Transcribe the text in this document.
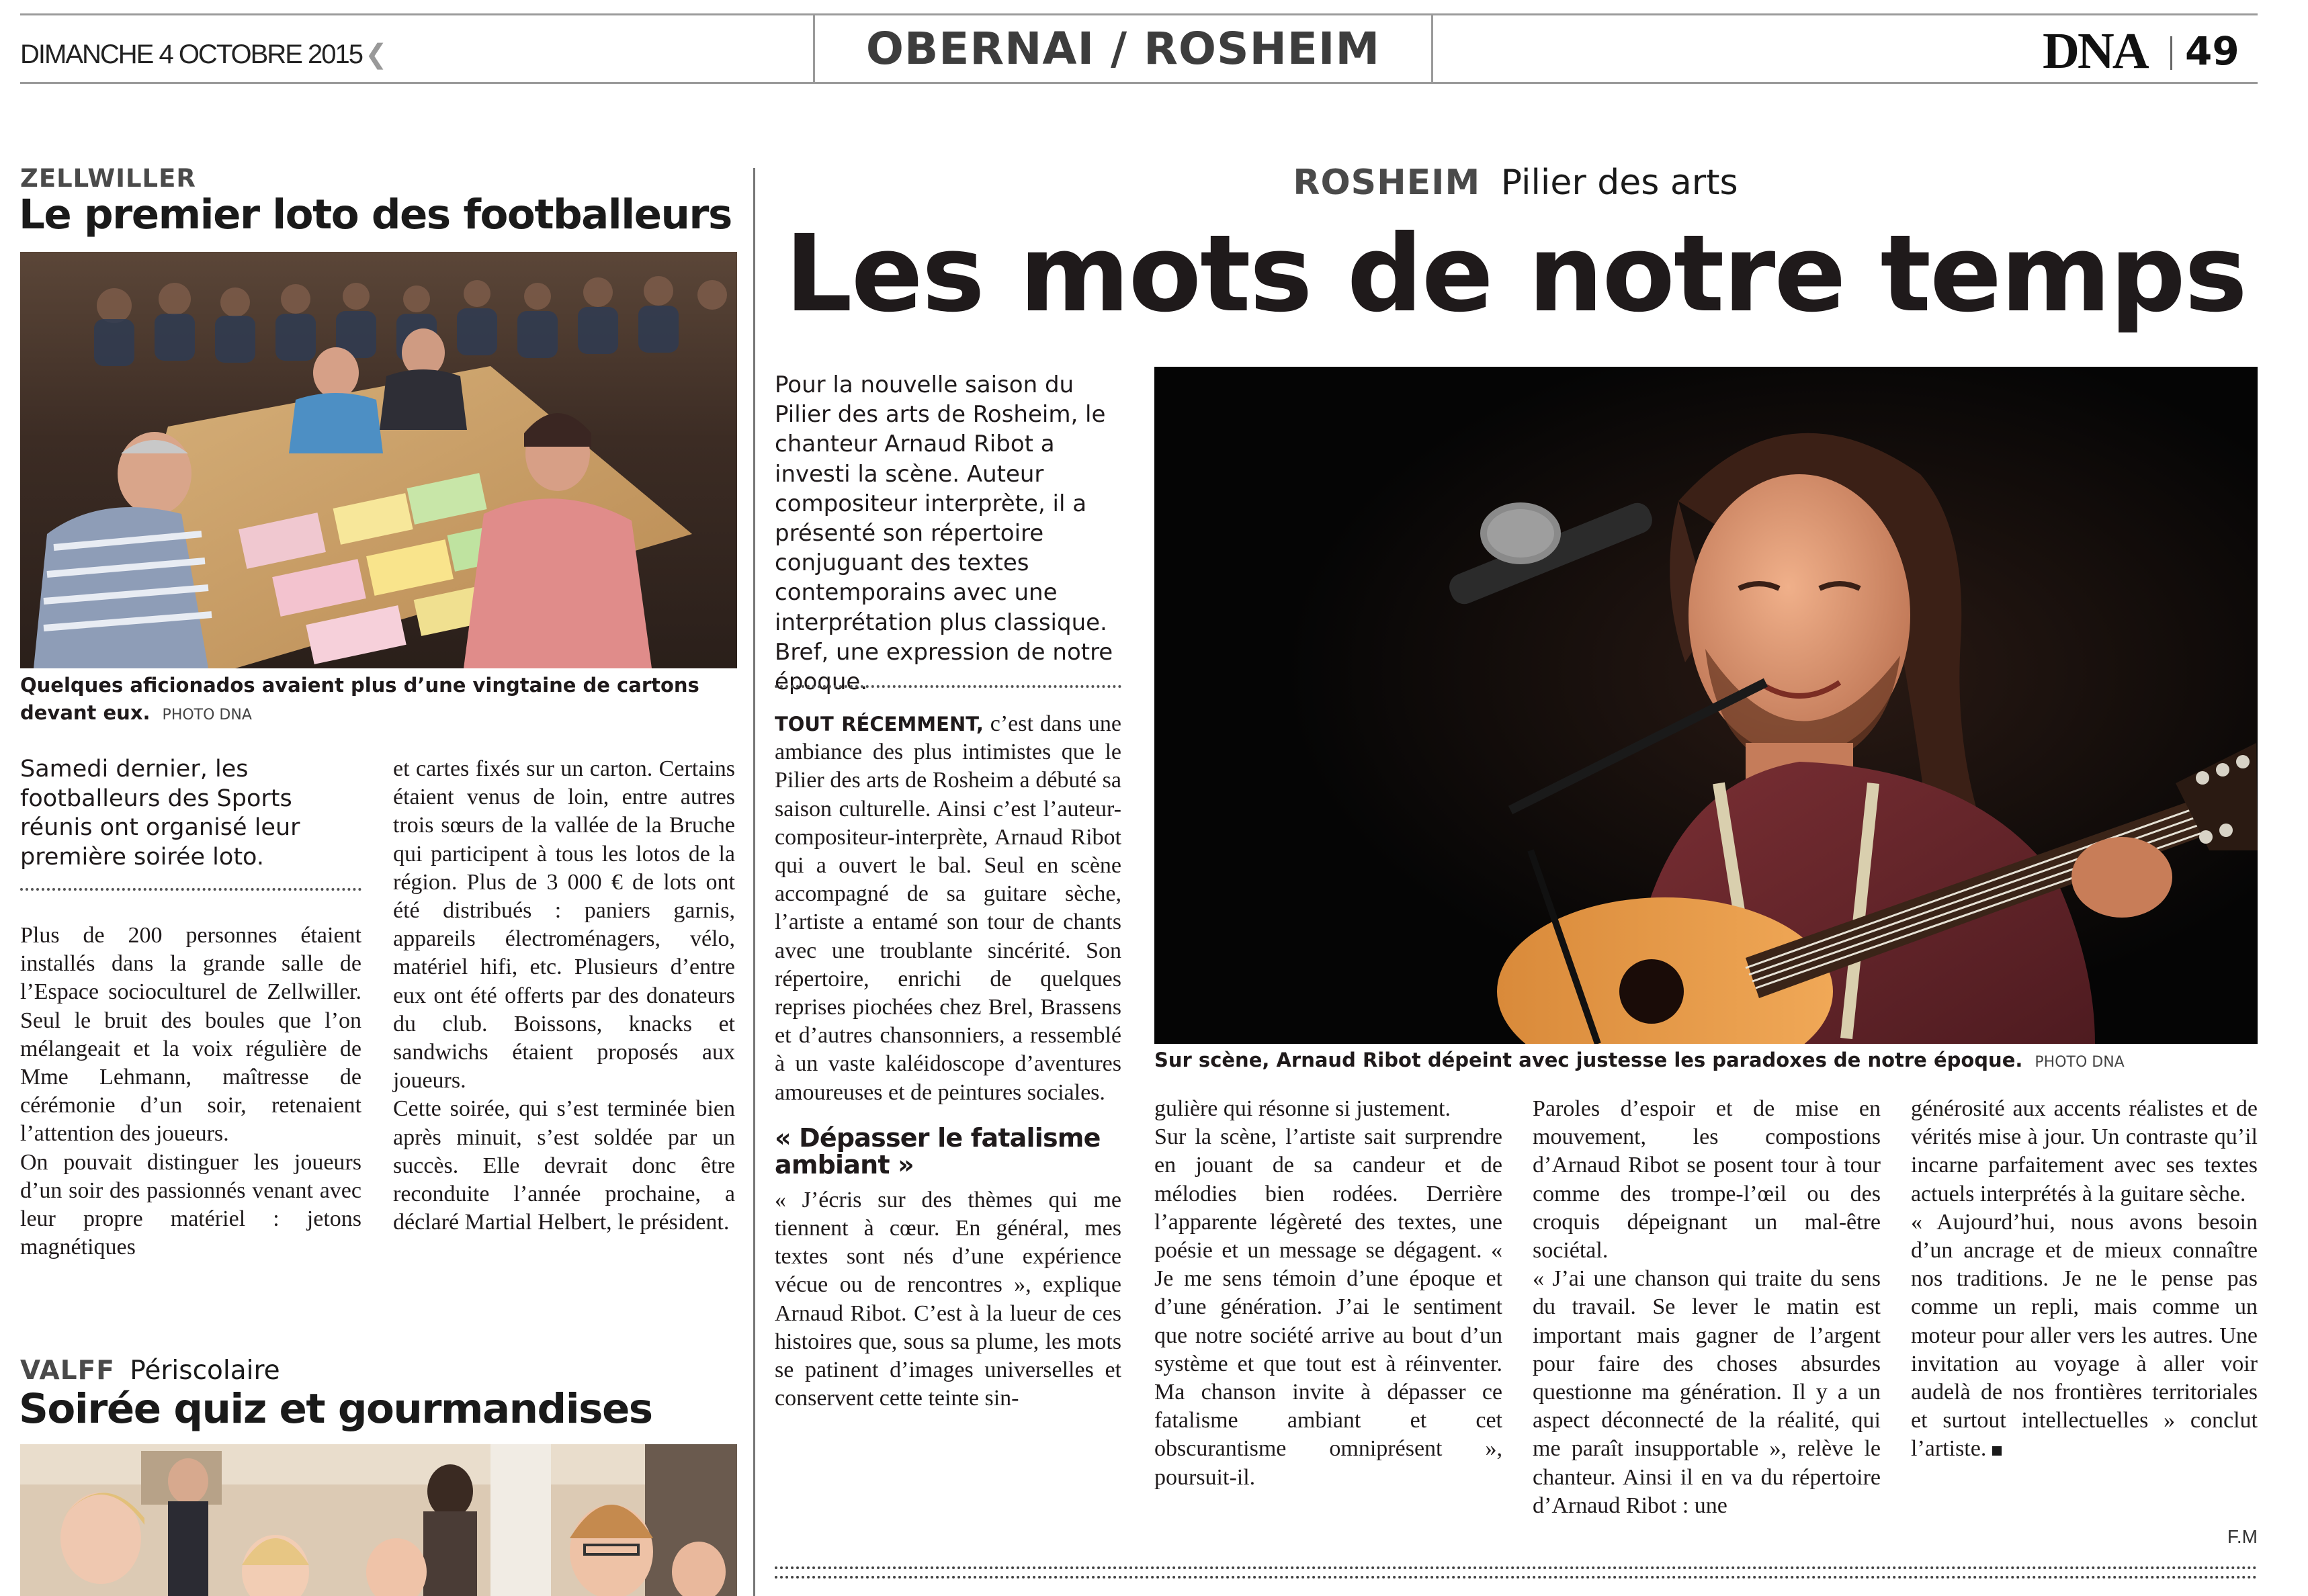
DIMANCHE 4 OCTOBRE 2015 ❮	OBERNAI / ROSHEIM	DNA 49
ZELLWILLER
Le premier loto des footballeurs
Quelques aficionados avaient plus d’une vingtaine de cartons devant eux. PHOTO DNA

Samedi dernier, les footballeurs des Sports réunis ont organisé leur première soirée loto.

Plus de 200 personnes étaient installés dans la grande salle de l’Espace socioculturel de Zellwiller. Seul le bruit des boules que l’on mélangeait et la voix régulière de Mme Lehmann, maîtresse de cérémonie d’un soir, retenaient l’attention des joueurs.

On pouvait distinguer les joueurs d’un soir des passionnés venant avec leur propre matériel : jetons magnétiques

et cartes fixés sur un carton. Certains étaient venus de loin, entre autres trois sœurs de la vallée de la Bruche qui participent à tous les lotos de la région. Plus de 3 000 € de lots ont été distribués : paniers garnis, appareils électroménagers, vélo, matériel hifi, etc. Plusieurs d’entre eux ont été offerts par des donateurs du club. Boissons, knacks et sandwichs étaient proposés aux joueurs.

Cette soirée, qui s’est terminée bien après minuit, s’est soldée par un succès. Elle devrait donc être reconduite l’année prochaine, a déclaré Martial Helbert, le président.

VALFF Périscolaire
Soirée quiz et gourmandises
ROSHEIM Pilier des arts
Les mots de notre temps

Pour la nouvelle saison du Pilier des arts de Rosheim, le chanteur Arnaud Ribot a investi la scène. Auteur compositeur interprète, il a présenté son répertoire conjuguant des textes contemporains avec une interprétation plus classique. Bref, une expression de notre époque.

TOUT RÉCEMMENT, c’est dans une ambiance des plus intimistes que le Pilier des arts de Rosheim a débuté sa saison culturelle. Ainsi c’est l’auteur-compositeur-interprète, Arnaud Ribot qui a ouvert le bal. Seul en scène accompagné de sa guitare sèche, l’artiste a entamé son tour de chants avec une troublante sincérité. Son répertoire, enrichi de quelques reprises piochées chez Brel, Brassens et d’autres chansonniers, a ressemblé à un vaste kaléidoscope d’aventures amoureuses et de peintures sociales.

« Dépasser le fatalisme ambiant »

« J’écris sur des thèmes qui me tiennent à cœur. En général, mes textes sont nés d’une expérience vécue ou de rencontres », explique Arnaud Ribot. C’est à la lueur de ces histoires que, sous sa plume, les mots se patinent d’images universelles et conservent cette teinte sin-

Sur scène, Arnaud Ribot dépeint avec justesse les paradoxes de notre époque. PHOTO DNA

gulière qui résonne si justement.

Sur la scène, l’artiste sait surprendre en jouant de sa candeur et de mélodies bien rodées. Derrière l’apparente légèreté des textes, une poésie et un message se dégagent. « Je me sens témoin d’une époque et d’une génération. J’ai le sentiment que notre société arrive au bout d’un système et que tout est à réinventer. Ma chanson invite à dépasser ce fatalisme ambiant et cet obscurantisme omniprésent », poursuit-il.

Paroles d’espoir et de mise en mouvement, les compostions d’Arnaud Ribot se posent tour à tour comme des trompe-l’œil ou des croquis dépeignant un mal-être sociétal.

« J’ai une chanson qui traite du sens du travail. Se lever le matin est important mais gagner de l’argent pour faire des choses absurdes questionne ma génération. Il y a un aspect déconnecté de la réalité, qui me paraît insupportable », relève le chanteur. Ainsi il en va du répertoire d’Arnaud Ribot : une

générosité aux accents réalistes et de vérités mise à jour. Un contraste qu’il incarne parfaitement avec ses textes actuels interprétés à la guitare sèche.

« Aujourd’hui, nous avons besoin d’un ancrage et de mieux connaître nos traditions. Je ne le pense pas comme un repli, mais comme un moteur pour aller vers les autres. Une invitation au voyage à aller voir audelà de nos frontières territoriales et surtout intellectuelles » conclut l’artiste.

F.M
